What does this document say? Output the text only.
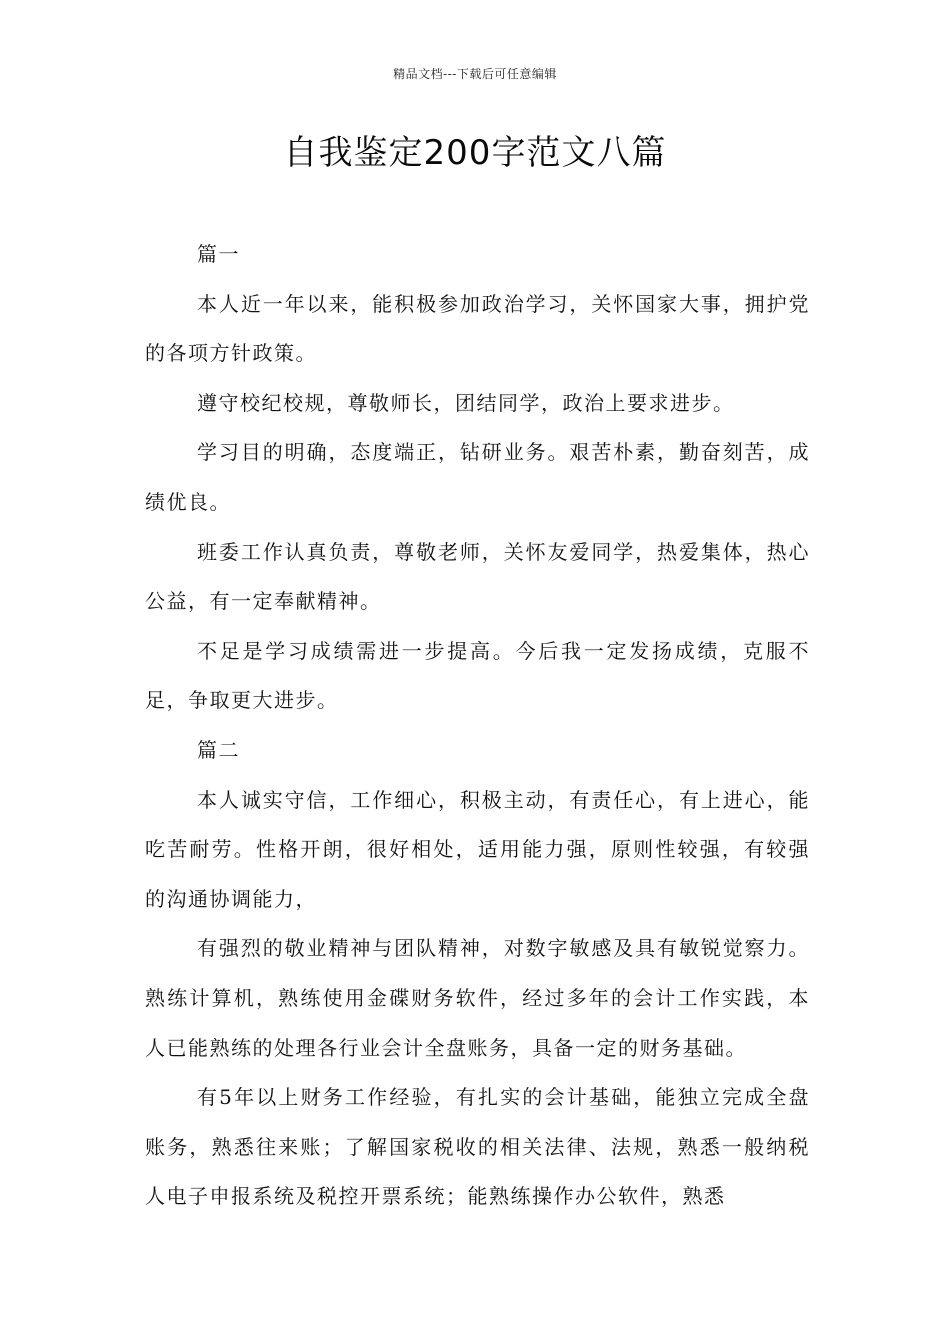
精品文档---下载后可任意编辑
自我鉴定200字范文八篇

篇一

本人近一年以来，能积极参加政治学习，关怀国家大事，拥护党的各项方针政策。

遵守校纪校规，尊敬师长，团结同学，政治上要求进步。

学习目的明确，态度端正，钻研业务。艰苦朴素，勤奋刻苦，成绩优良。

班委工作认真负责，尊敬老师，关怀友爱同学，热爱集体，热心公益，有一定奉献精神。

不足是学习成绩需进一步提高。今后我一定发扬成绩，克服不足，争取更大进步。

篇二

本人诚实守信，工作细心，积极主动，有责任心，有上进心，能吃苦耐劳。性格开朗，很好相处，适用能力强，原则性较强，有较强的沟通协调能力，

有强烈的敬业精神与团队精神，对数字敏感及具有敏锐觉察力。熟练计算机，熟练使用金碟财务软件，经过多年的会计工作实践，本人已能熟练的处理各行业会计全盘账务，具备一定的财务基础。

有5年以上财务工作经验，有扎实的会计基础，能独立完成全盘账务，熟悉往来账；了解国家税收的相关法律、法规，熟悉一般纳税人电子申报系统及税控开票系统；能熟练操作办公软件，熟悉
